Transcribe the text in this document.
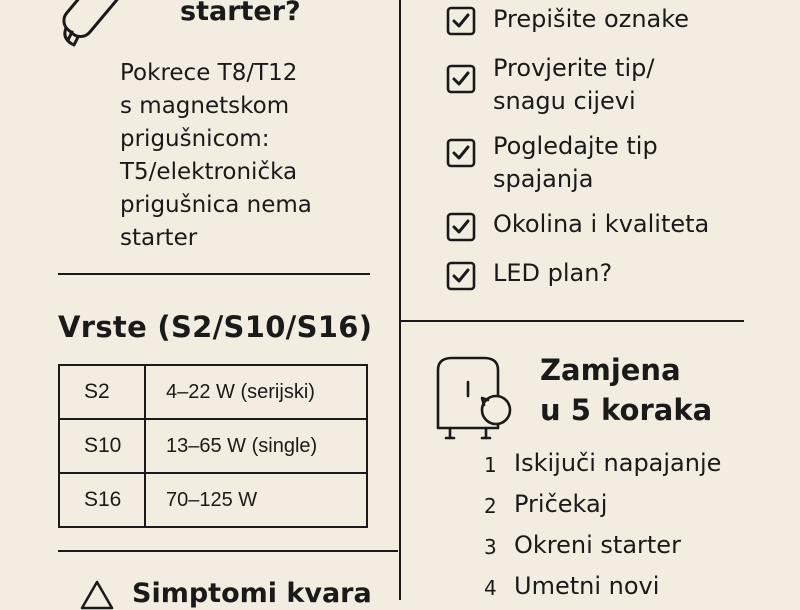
starter?
Pokrece T8/T12
s magnetskom
prigušnicom:
T5/elektronička
prigušnica nema
starter
Vrste (S2/S10/S16)
S2	4–22 W (serijski)
S10	13–65 W (single)
S16	70–125 W
Simptomi kvara
Prepišite oznake
Provjerite tip/
snagu cijevi
Pogledajte tip
spajanja
Okolina i kvaliteta
LED plan?
Zamjena
u 5 koraka
1 Iskijuči napajanje
2 Pričekaj
3 Okreni starter
4 Umetni novi
